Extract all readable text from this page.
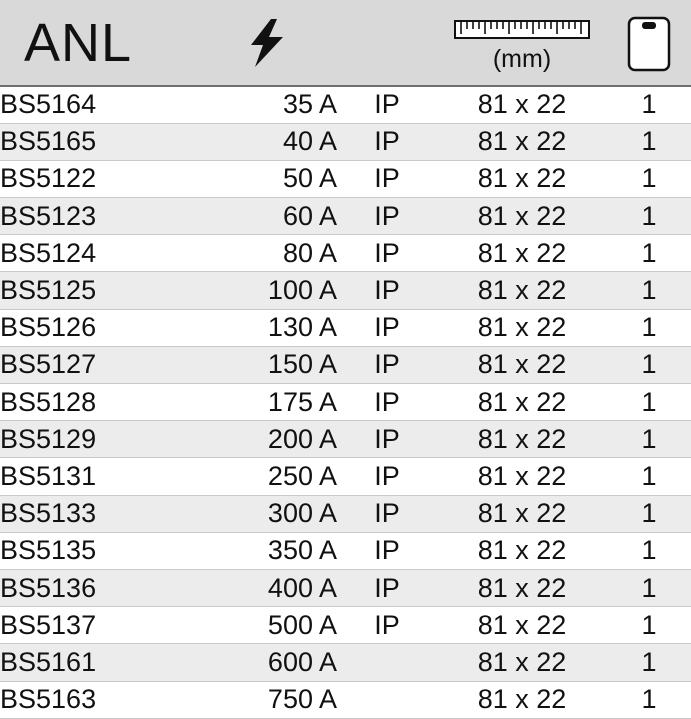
ANL			(mm)

BS5164	35 A	IP	81 x 22	1
BS5165	40 A	IP	81 x 22	1
BS5122	50 A	IP	81 x 22	1
BS5123	60 A	IP	81 x 22	1
BS5124	80 A	IP	81 x 22	1
BS5125	100 A	IP	81 x 22	1
BS5126	130 A	IP	81 x 22	1
BS5127	150 A	IP	81 x 22	1
BS5128	175 A	IP	81 x 22	1
BS5129	200 A	IP	81 x 22	1
BS5131	250 A	IP	81 x 22	1
BS5133	300 A	IP	81 x 22	1
BS5135	350 A	IP	81 x 22	1
BS5136	400 A	IP	81 x 22	1
BS5137	500 A	IP	81 x 22	1
BS5161	600 A		81 x 22	1
BS5163	750 A		81 x 22	1
